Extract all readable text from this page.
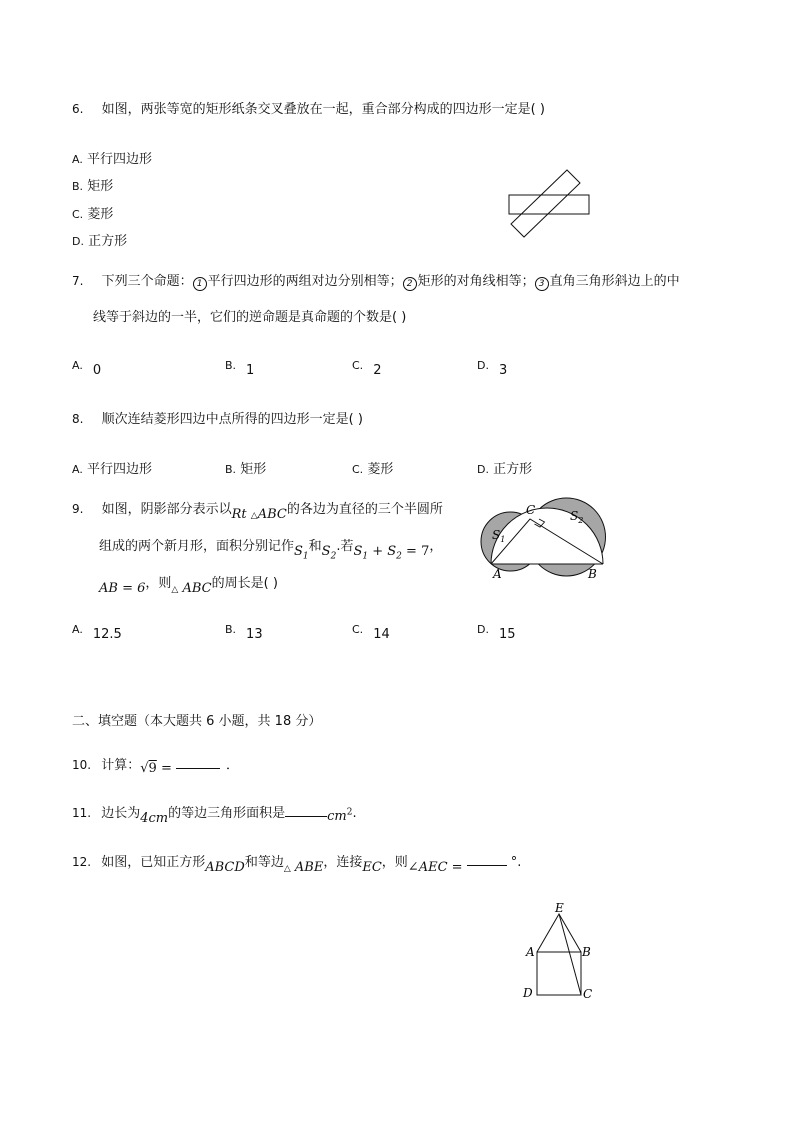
6. 如图，两张等宽的矩形纸条交叉叠放在一起，重合部分构成的四边形一定是( )
A. 平行四边形
B. 矩形
C. 菱形
D. 正方形
7. 下列三个命题： 1 平行四边形的两组对边分别相等； 2 矩形的对角线相等； 3 直角三角形斜边上的中
线等于斜边的一半，它们的逆命题是真命题的个数是( )
A. 0	B. 1	C. 2	D. 3
8. 顺次连结菱形四边中点所得的四边形一定是( )
A. 平行四边形	B. 矩形	C. 菱形	D. 正方形
9. 如图，阴影部分表示以Rt △ABC的各边为直径的三个半圆所
组成的两个新月形，面积分别记作$S_1$和$S_2$.若$S_1 + S_2 = 7$，
AB = 6，则△ ABC的周长是( )
$S_1$
$S_2$
C
A	B
A. 12.5	B. 13	C. 14	D. 15
二、填空题（本大题共 6 小题，共 18 分）
10. 计算：√9 =	．
11. 边长为4cm的等边三角形面积是	$cm^2$.
12. 如图，已知正方形ABCD和等边△ ABE，连接EC，则∠AEC =	°.
E
A	B
D	C
